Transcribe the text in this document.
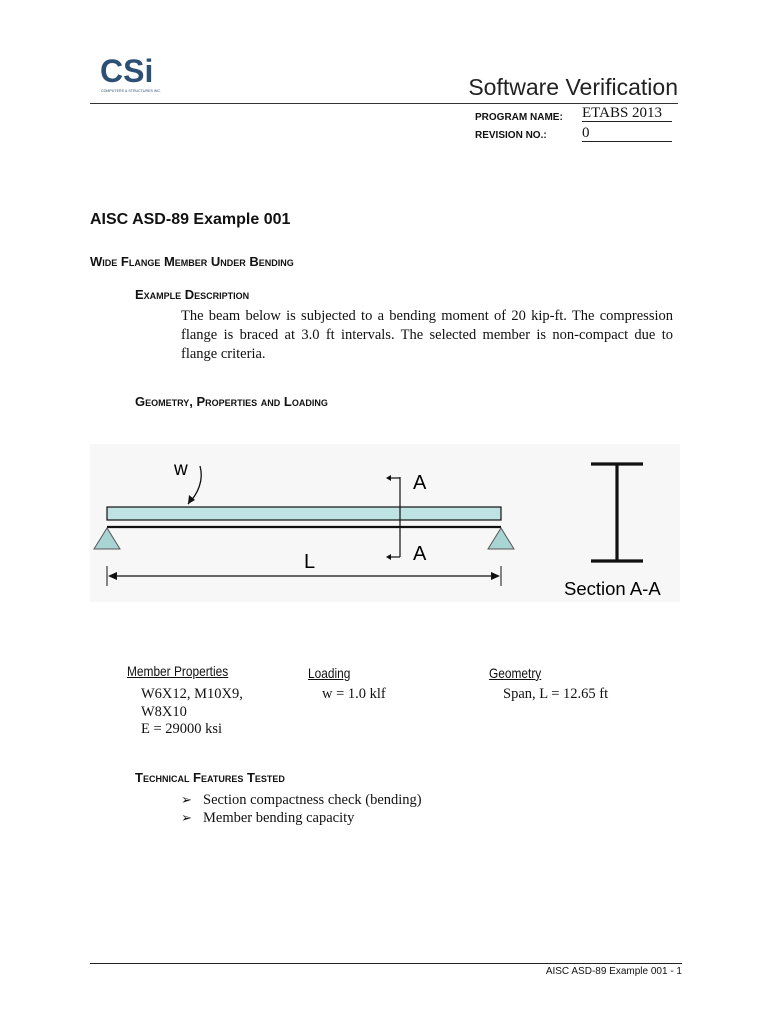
CSi
COMPUTERS & STRUCTURES INC.	Software Verification
PROGRAM NAME: ETABS 2013
REVISION NO.: 0
AISC ASD-89 Example 001
Wide Flange Member Under Bending
Example Description
The beam below is subjected to a bending moment of 20 kip-ft. The compression flange is braced at 3.0 ft intervals. The selected member is non-compact due to flange criteria.
Geometry, Properties and Loading
w
A
A
L
Section A-A
Member Properties
W6X12, M10X9,
W8X10
E = 29000 ksi
Loading
w = 1.0 klf
Geometry
Span, L = 12.65 ft
Technical Features Tested
➢ Section compactness check (bending)
➢ Member bending capacity
AISC ASD-89 Example 001 - 1
